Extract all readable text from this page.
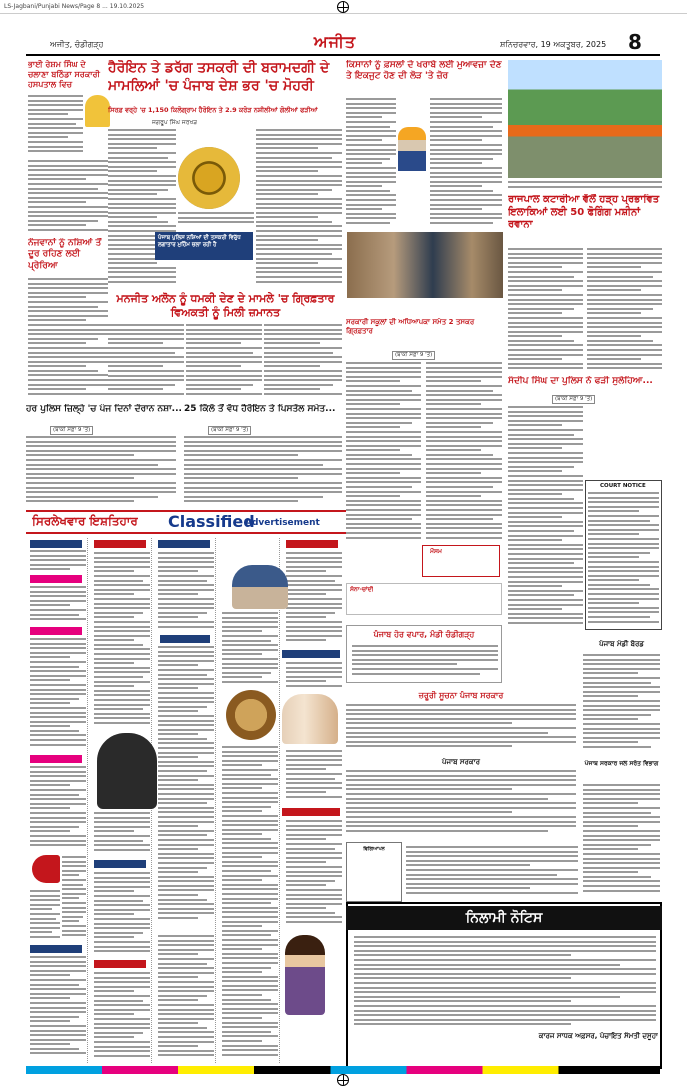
LS-Jagbani/Punjabi News/Page 8 ... 19.10.2025
ਅਜੀਤ, ਚੰਡੀਗੜ੍ਹ	ਅਜੀਤ	ਸ਼ਨਿਚਰਵਾਰ, 19 ਅਕਤੂਬਰ, 2025 8
ਭਾਈ ਰੇਸ਼ਮ ਸਿੰਘ ਦੇ ਚਲਾਣਾ ਬਠਿੰਡਾ ਸਰਕਾਰੀ ਹਸਪਤਾਲ ਵਿਚ
ਨੌਜਵਾਨਾਂ ਨੂੰ ਨਸ਼ਿਆਂ ਤੋਂ ਦੂਰ ਰਹਿਣ ਲਈ ਪ੍ਰੇਰਿਆ
ਹੈਰੋਇਨ ਤੇ ਡਰੱਗ ਤਸਕਰੀ ਦੀ ਬਰਾਮਦਗੀ ਦੇ ਮਾਮਲਿਆਂ 'ਚ ਪੰਜਾਬ ਦੇਸ਼ ਭਰ 'ਚ ਮੋਹਰੀ
ਸਿਰਫ਼ ਵਰ੍ਹੇ 'ਚ 1,150 ਕਿਲੋਗ੍ਰਾਮ ਹੈਰੋਇਨ ਤੇ 2.9 ਕਰੋੜ ਨਸ਼ੀਲੀਆਂ ਗੋਲੀਆਂ ਫੜੀਆਂ
ਜਗਰੂਪ ਸਿੰਘ ਜਰਖੜ
ਪੰਜਾਬ ਪੁਲਿਸ ਨਸ਼ਿਆਂ ਦੀ ਤਸਕਰੀ ਵਿਰੁੱਧ ਲਗਾਤਾਰ ਮੁਹਿੰਮ ਚਲਾ ਰਹੀ ਹੈ
ਮਨਜੀਤ ਅਲੋਨ ਨੂੰ ਧਮਕੀ ਦੇਣ ਦੇ ਮਾਮਲੇ 'ਚ ਗ੍ਰਿਫ਼ਤਾਰ ਵਿਅਕਤੀ ਨੂੰ ਮਿਲੀ ਜ਼ਮਾਨਤ
ਹਰ ਪੁਲਿਸ ਜ਼ਿਲ੍ਹੇ 'ਚ ਪੰਜ ਦਿਨਾਂ ਦੌਰਾਨ ਨਸ਼ਾ... 25 ਕਿੱਲੋ ਤੋਂ ਵੱਧ ਹੈਰੋਇਨ ਤੇ ਪਿਸਤੌਲ ਸਮੇਤ...
(ਬਾਕੀ ਸਫ਼ਾ 9 'ਤੇ)	(ਬਾਕੀ ਸਫ਼ਾ 9 'ਤੇ)
ਕਿਸਾਨਾਂ ਨੂੰ ਫ਼ਸਲਾਂ ਦੇ ਖਰਾਬੇ ਲਈ ਮੁਆਵਜ਼ਾ ਦੇਣ ਤੇ ਇਕਜੁਟ ਹੋਣ ਦੀ ਲੋੜ 'ਤੇ ਜ਼ੋਰ
ਸਰਕਾਰੀ ਸਕੂਲਾਂ ਦੀ ਅਧਿਆਪਕਾ ਸਮੇਤ 2 ਤਸਕਰ ਗ੍ਰਿਫ਼ਤਾਰ
(ਬਾਕੀ ਸਫ਼ਾ 9 'ਤੇ)
ਮੌਸਮ
ਸੋਨਾ-ਚਾਂਦੀ
ਰਾਜਪਾਲ ਕਟਾਰੀਆ ਵੱਲੋਂ ਹੜ੍ਹ ਪ੍ਰਭਾਵਿਤ ਇਲਾਕਿਆਂ ਲਈ 50 ਫੋਗਿੰਗ ਮਸ਼ੀਨਾਂ ਰਵਾਨਾ
ਸੰਦੀਪ ਸਿੰਘ ਦਾ ਪੁਲਿਸ ਨੇ ਫੜੀ ਸੁਲੇਹਿਆ...
(ਬਾਕੀ ਸਫ਼ਾ 9 'ਤੇ)
COURT NOTICE
ਸਿਰਲੇਖਵਾਰ ਇਸ਼ਤਿਹਾਰ Classified
Advertisement
ਪੰਜਾਬ ਹੋਰ ਵਪਾਰ, ਮੰਡੀ ਚੰਡੀਗੜ੍ਹ
ਜ਼ਰੂਰੀ ਸੂਚਨਾ ਪੰਜਾਬ ਸਰਕਾਰ
ਪੰਜਾਬ ਸਰਕਾਰ
ਵਿਗਿਆਪਨ
ਪੰਜਾਬ ਮੰਡੀ ਬੋਰਡ
ਪੰਜਾਬ ਸਰਕਾਰ ਜਲ ਸਰੋਤ ਵਿਭਾਗ
ਨਿਲਾਮੀ ਨੋਟਿਸ
ਕਾਰਜ ਸਾਧਕ ਅਫ਼ਸਰ, ਪੰਚਾਇਤ ਸੰਮਤੀ ਦਸੂਹਾ
